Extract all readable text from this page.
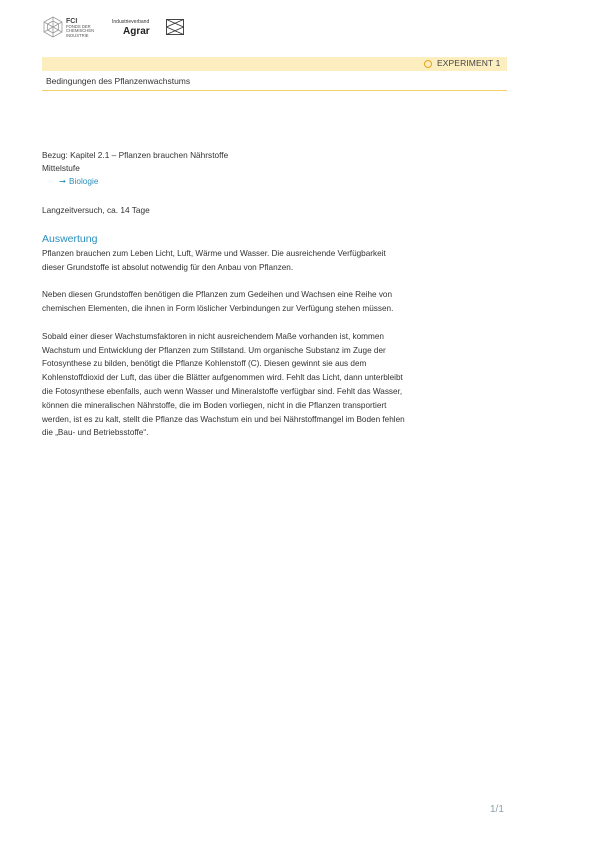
FCI
FONDS DER
CHEMISCHEN
INDUSTRIE
Industrieverband
Agrar
EXPERIMENT 1
Bedingungen des Pflanzenwachstums
Bezug: Kapitel 2.1 – Pflanzen brauchen Nährstoffe
Mittelstufe
➞ Biologie
Langzeitversuch, ca. 14 Tage
Auswertung

Pflanzen brauchen zum Leben Licht, Luft, Wärme und Wasser. Die ausreichende Verfügbarkeit dieser Grundstoffe ist absolut notwendig für den Anbau von Pflanzen.

Neben diesen Grundstoffen benötigen die Pflanzen zum Gedeihen und Wachsen eine Reihe von chemischen Elementen, die ihnen in Form löslicher Verbindungen zur Verfügung stehen müssen.

Sobald einer dieser Wachstumsfaktoren in nicht ausreichendem Maße vorhanden ist, kommen Wachstum und Entwicklung der Pflanzen zum Stillstand. Um organische Substanz im Zuge der Fotosynthese zu bilden, benötigt die Pflanze Kohlenstoff (C). Diesen gewinnt sie aus dem Kohlenstoffdioxid der Luft, das über die Blätter aufgenommen wird. Fehlt das Licht, dann unterbleibt die Fotosynthese ebenfalls, auch wenn Wasser und Mineralstoffe verfügbar sind. Fehlt das Wasser, können die mineralischen Nährstoffe, die im Boden vorliegen, nicht in die Pflanzen transportiert werden, ist es zu kalt, stellt die Pflanze das Wachstum ein und bei Nährstoffmangel im Boden fehlen die „Bau- und Betriebsstoffe“.

1/1
